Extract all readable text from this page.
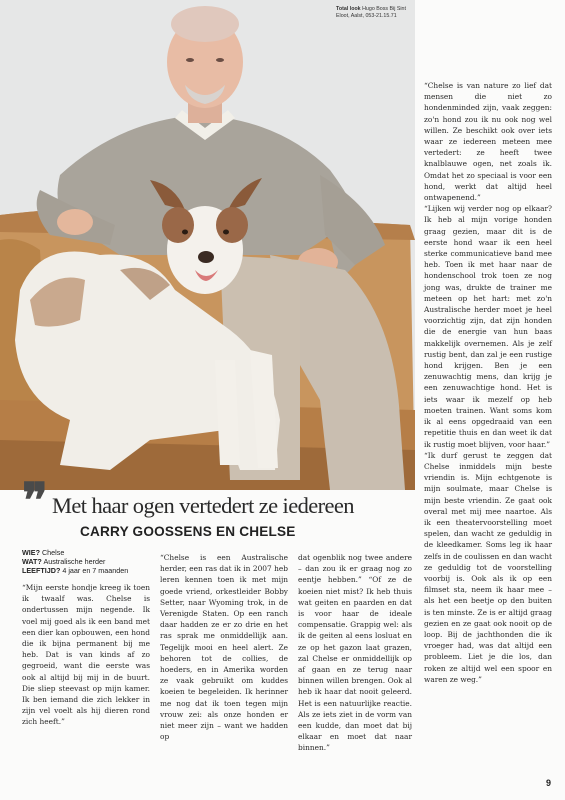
Total look Hugo Boss Bij Sint Eloot, Aalst, 053-21.15.71

“Chelse is van nature zo lief dat mensen die niet zo hondenminded zijn, vaak zeggen: zo'n hond zou ik nu ook nog wel willen. Ze beschikt ook over iets waar ze iedereen meteen mee vertedert: ze heeft twee knalblauwe ogen, net zoals ik. Omdat het zo speciaal is voor een hond, werkt dat altijd heel ontwapenend.”

“Lijken wij verder nog op elkaar? Ik heb al mijn vorige honden graag gezien, maar dit is de eerste hond waar ik een heel sterke communicatieve band mee heb. Toen ik met haar naar de hondenschool trok toen ze nog jong was, drukte de trainer me meteen op het hart: met zo'n Australische herder moet je heel voorzichtig zijn, dat zijn honden die de energie van hun baas makkelijk overnemen. Als je zelf rustig bent, dan zal je een rustige hond krijgen. Ben je een zenuwachtig mens, dan krijg je een zenuwachtige hond. Het is iets waar ik mezelf op heb moeten trainen. Want soms kom ik al eens opgedraaid van een repetitie thuis en dan weet ik dat ik rustig moet blijven, voor haar.”

“Ik durf gerust te zeggen dat Chelse inmiddels mijn beste vriendin is. Mijn echtgenote is mijn soulmate, maar Chelse is mijn beste vriendin. Ze gaat ook overal met mij mee naartoe. Als ik een theatervoorstelling moet spelen, dan wacht ze geduldig in de kleedkamer. Soms leg ik haar zelfs in de coulissen en dan wacht ze geduldig tot de voorstelling voorbij is. Ook als ik op een filmset sta, neem ik haar mee – als het een beetje op den buiten is ten minste. Ze is er altijd graag gezien en ze gaat ook nooit op de loop. Bij de jachthonden die ik vroeger had, was dat altijd een probleem. Liet je die los, dan roken ze altijd wel een spoor en waren ze weg.”

❞ Met haar ogen vertedert ze iedereen
CARRY GOOSSENS EN CHELSE
WIE? Chelse
WAT? Australische herder
LEEFTIJD? 4 jaar en 7 maanden

“Mijn eerste hondje kreeg ik toen ik twaalf was. Chelse is ondertussen mijn negende. Ik voel mij goed als ik een band met een dier kan opbouwen, een hond die ik bijna permanent bij me heb. Dat is van kinds af zo gegroeid, want die eerste was ook al altijd bij mij in de buurt. Die sliep steevast op mijn kamer. Ik ben iemand die zich lekker in zijn vel voelt als hij dieren rond zich heeft.”

“Chelse is een Australische herder, een ras dat ik in 2007 heb leren kennen toen ik met mijn goede vriend, orkestleider Bobby Setter, naar Wyoming trok, in de Verenigde Staten. Op een ranch daar hadden ze er zo drie en het ras sprak me onmiddellijk aan. Tegelijk mooi en heel alert. Ze behoren tot de collies, de hoeders, en in Amerika worden ze vaak gebruikt om kuddes koeien te begeleiden. Ik herinner me nog dat ik toen tegen mijn vrouw zei: als onze honden er niet meer zijn – want we hadden op

dat ogenblik nog twee andere – dan zou ik er graag nog zo eentje hebben.” “Of ze de koeien niet mist? Ik heb thuis wat geiten en paarden en dat is voor haar de ideale compensatie. Grappig wel: als ik de geiten al eens losluat en ze op het gazon laat grazen, zal Chelse er onmiddellijk op af gaan en ze terug naar binnen willen brengen. Ook al heb ik haar dat nooit geleerd. Het is een natuurlijke reactie. Als ze iets ziet in de vorm van een kudde, dan moet dat bij elkaar en moet dat naar binnen.”

9
